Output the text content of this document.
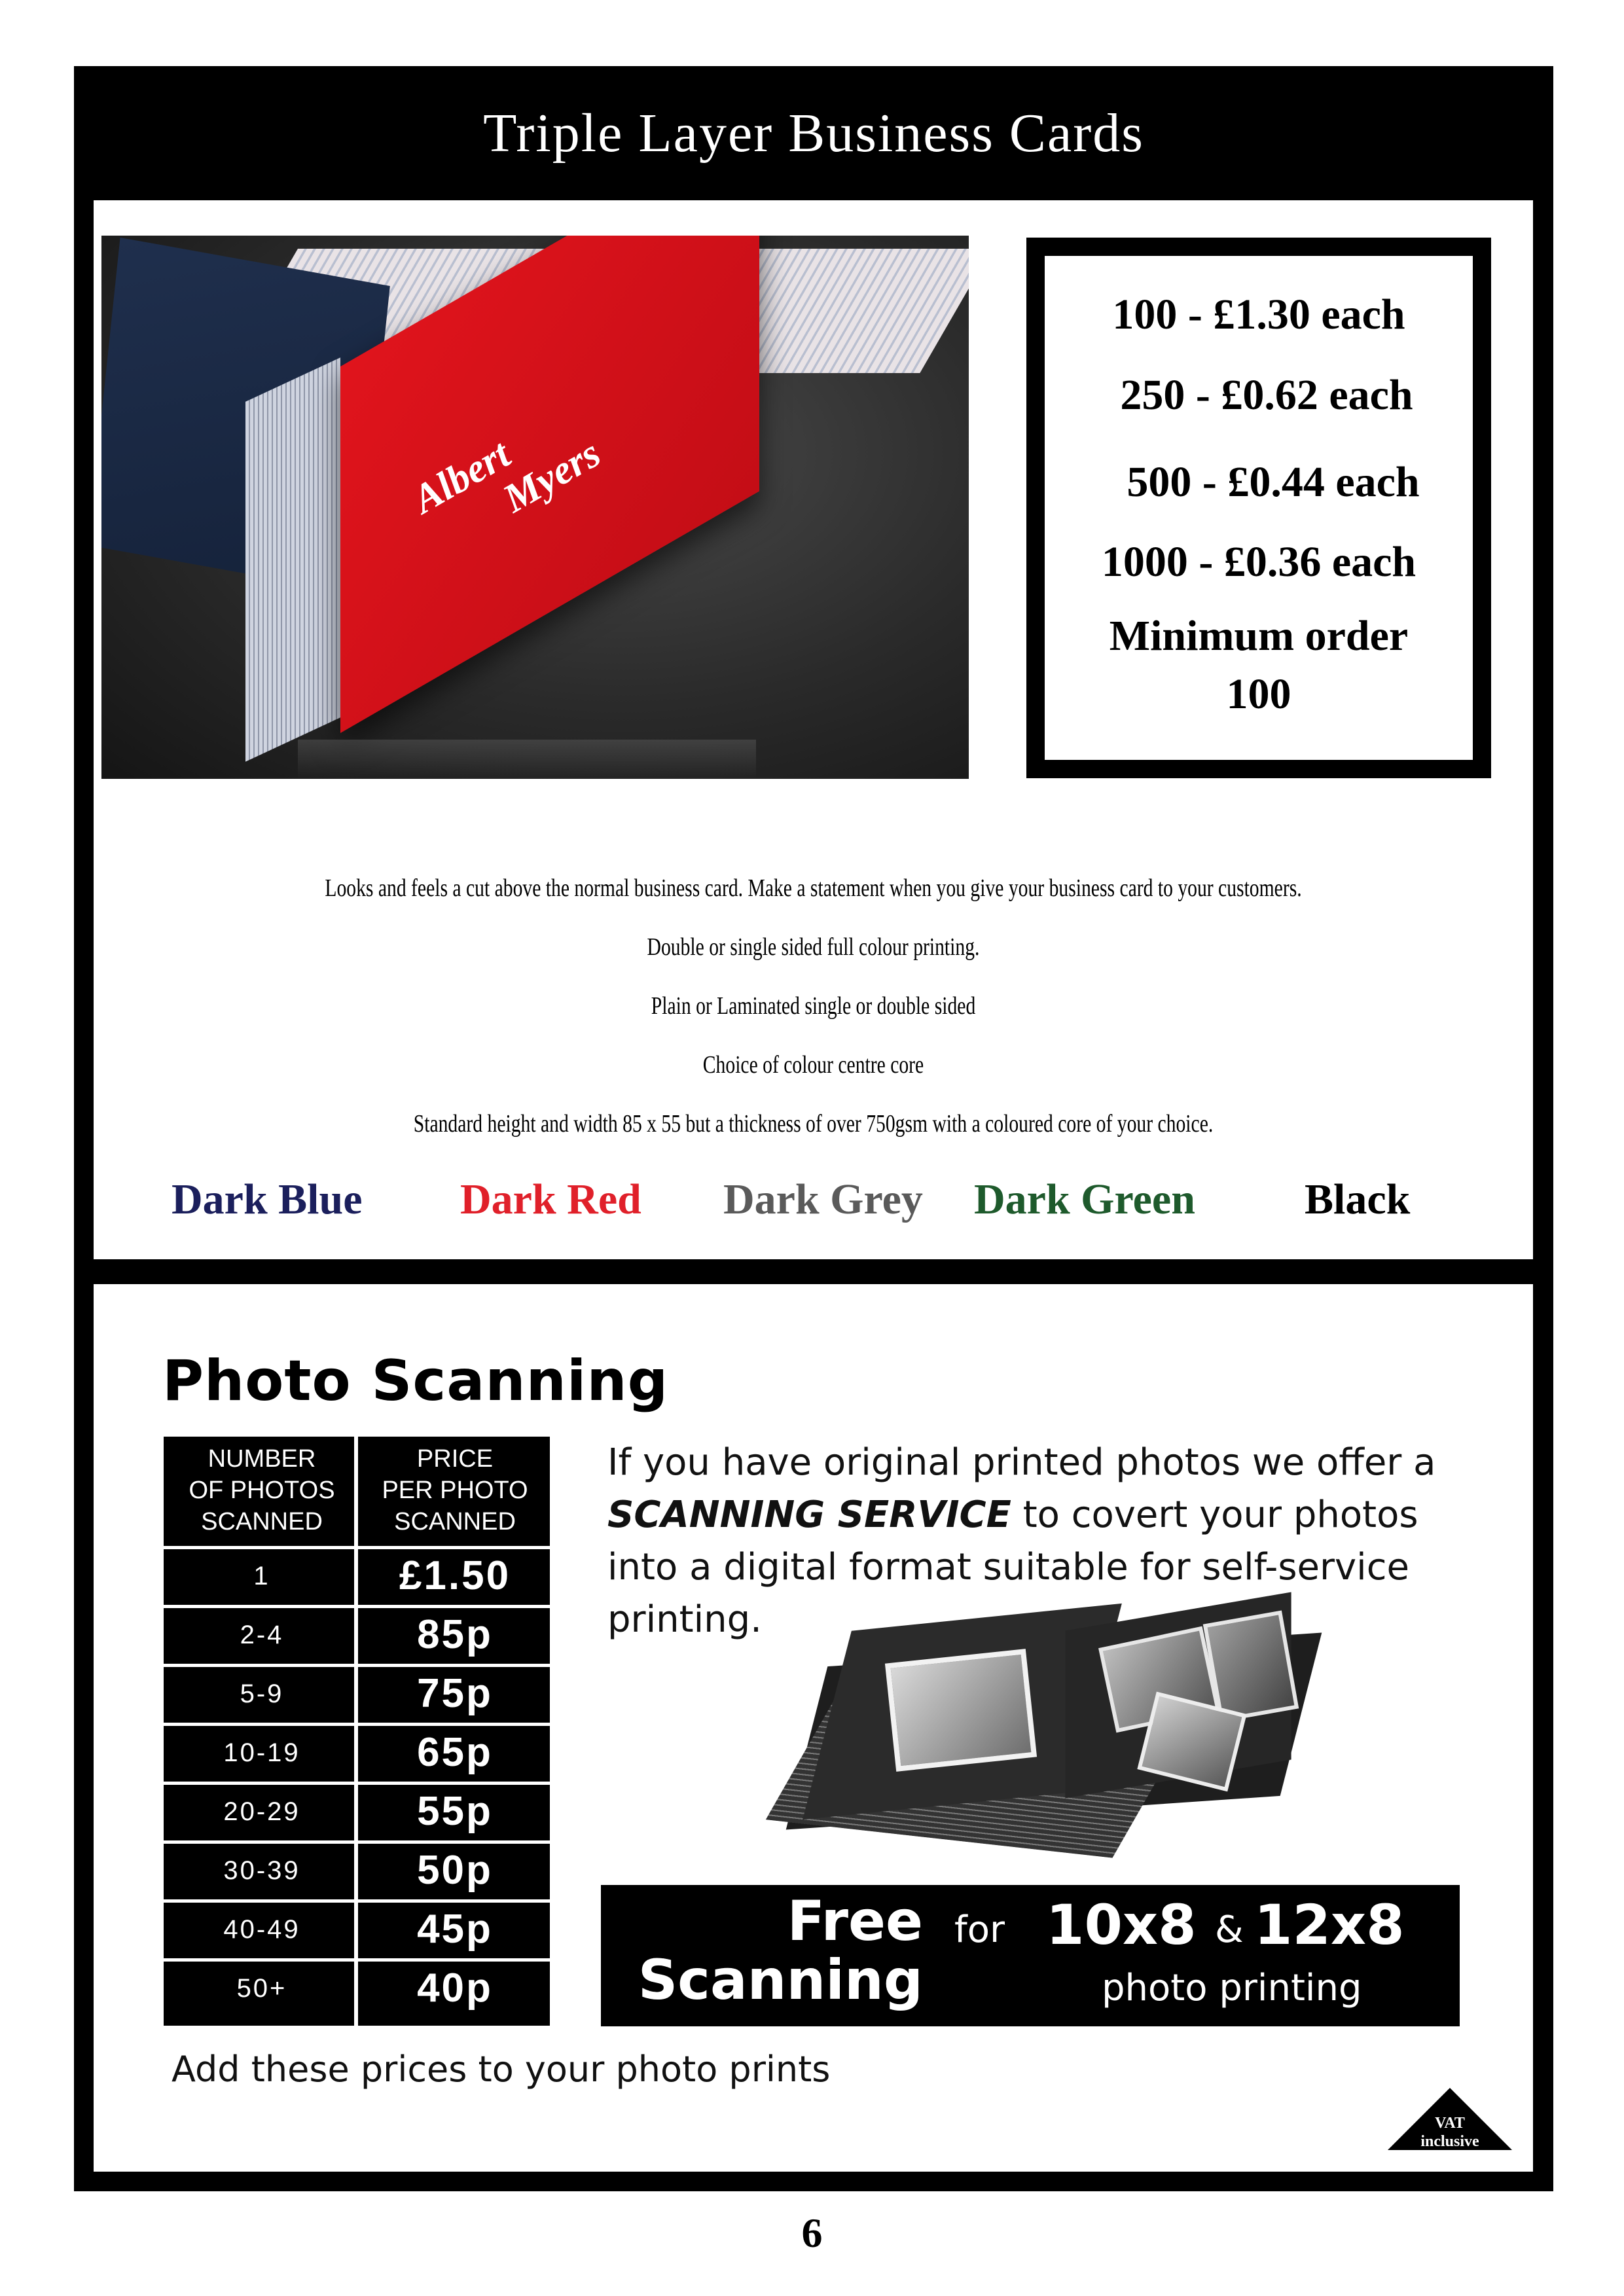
Triple Layer Business Cards
Albert
Myers
100 - £1.30 each
250 - £0.62 each
500 - £0.44 each
1000 - £0.36 each
Minimum order
100
Looks and feels a cut above the normal business card. Make a statement when you give your business card to your customers.
Double or single sided full colour printing.
Plain or Laminated single or double sided
Choice of colour centre core
Standard height and width 85 x 55 but a thickness of over 750gsm with a coloured core of your choice.
Dark Blue Dark Red Dark Grey Dark Green	Black
Photo Scanning
NUMBER
OF PHOTOS
SCANNED
PRICE
PER PHOTO
SCANNED
1	£1.50
2-4	85p
5-9	75p
10-19	65p
20-29	55p
30-39	50p
40-49	45p
50+	40p
If you have original printed photos we offer a SCANNING SERVICE to covert your photos into a digital format suitable for self-service printing.
Free
Scanning
for 10x8 & 12x8
photo printing
Add these prices to your photo prints
VAT
inclusive
6
